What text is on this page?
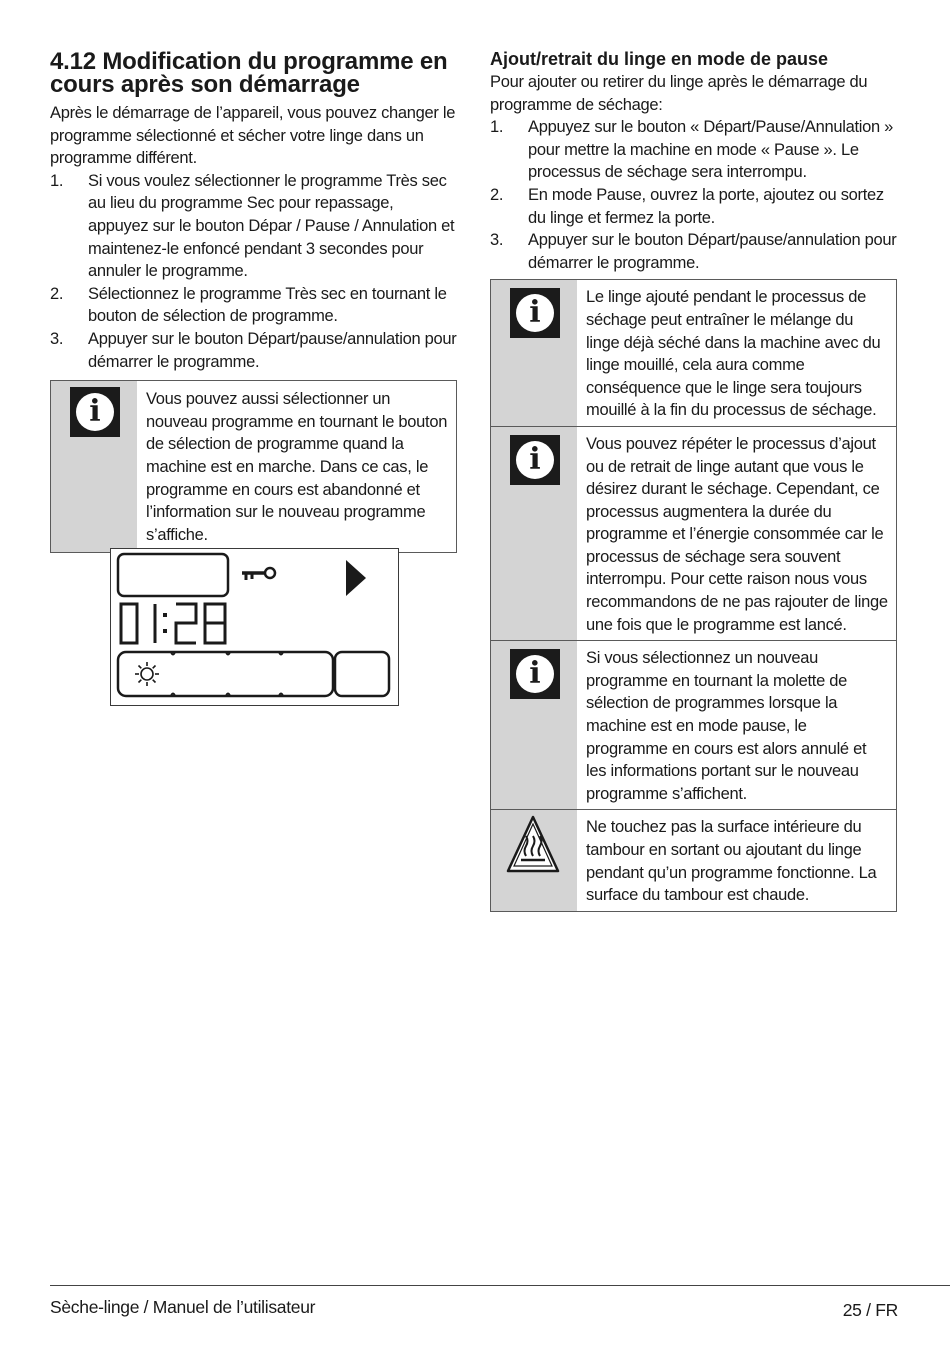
4.12 Modification du programme en cours après son démarrage

Après le démarrage de l’appareil, vous pouvez changer le programme sélectionné et sécher votre linge dans un programme différent.

1. Si vous voulez sélectionner le programme Très sec au lieu du programme Sec pour repassage, appuyez sur le bouton Dépar / Pause / Annulation et maintenez-le enfoncé pendant 3 secondes pour annuler le programme.
2. Sélectionnez le programme Très sec en tournant le bouton de sélection de programme.
3. Appuyer sur le bouton Départ/pause/annulation pour démarrer le programme.
i	Vous pouvez aussi sélectionner un nouveau programme en tournant le bouton de sélection de programme quand la machine est en marche. Dans ce cas, le programme en cours est abandonné et l’information sur le nouveau programme s’affiche.
01:28
Ajout/retrait du linge en mode de pause

Pour ajouter ou retirer du linge après le démarrage du programme de séchage:

1. Appuyez sur le bouton « Départ/Pause/Annulation » pour mettre la machine en mode « Pause ». Le processus de séchage sera interrompu.
2. En mode Pause, ouvrez la porte, ajoutez ou sortez du linge et fermez la porte.
3. Appuyer sur le bouton Départ/pause/annulation pour démarrer le programme.
i	Le linge ajouté pendant le processus de séchage peut entraîner le mélange du linge déjà séché dans la machine avec du linge mouillé, cela aura comme conséquence que le linge sera toujours mouillé à la fin du processus de séchage.
i	Vous pouvez répéter le processus d’ajout ou de retrait de linge autant que vous le désirez durant le séchage. Cependant, ce processus augmentera la durée du programme et l’énergie consommée car le processus de séchage sera souvent interrompu. Pour cette raison nous vous recommandons de ne pas rajouter de linge une fois que le programme est lancé.
i	Si vous sélectionnez un nouveau programme en tournant la molette de sélection de programmes lorsque la machine est en mode pause, le programme en cours est alors annulé et les informations portant sur le nouveau programme s’affichent.
Ne touchez pas la surface intérieure du tambour en sortant ou ajoutant du linge pendant qu’un programme fonctionne. La surface du tambour est chaude.
Sèche-linge / Manuel de l’utilisateur	25 / FR
